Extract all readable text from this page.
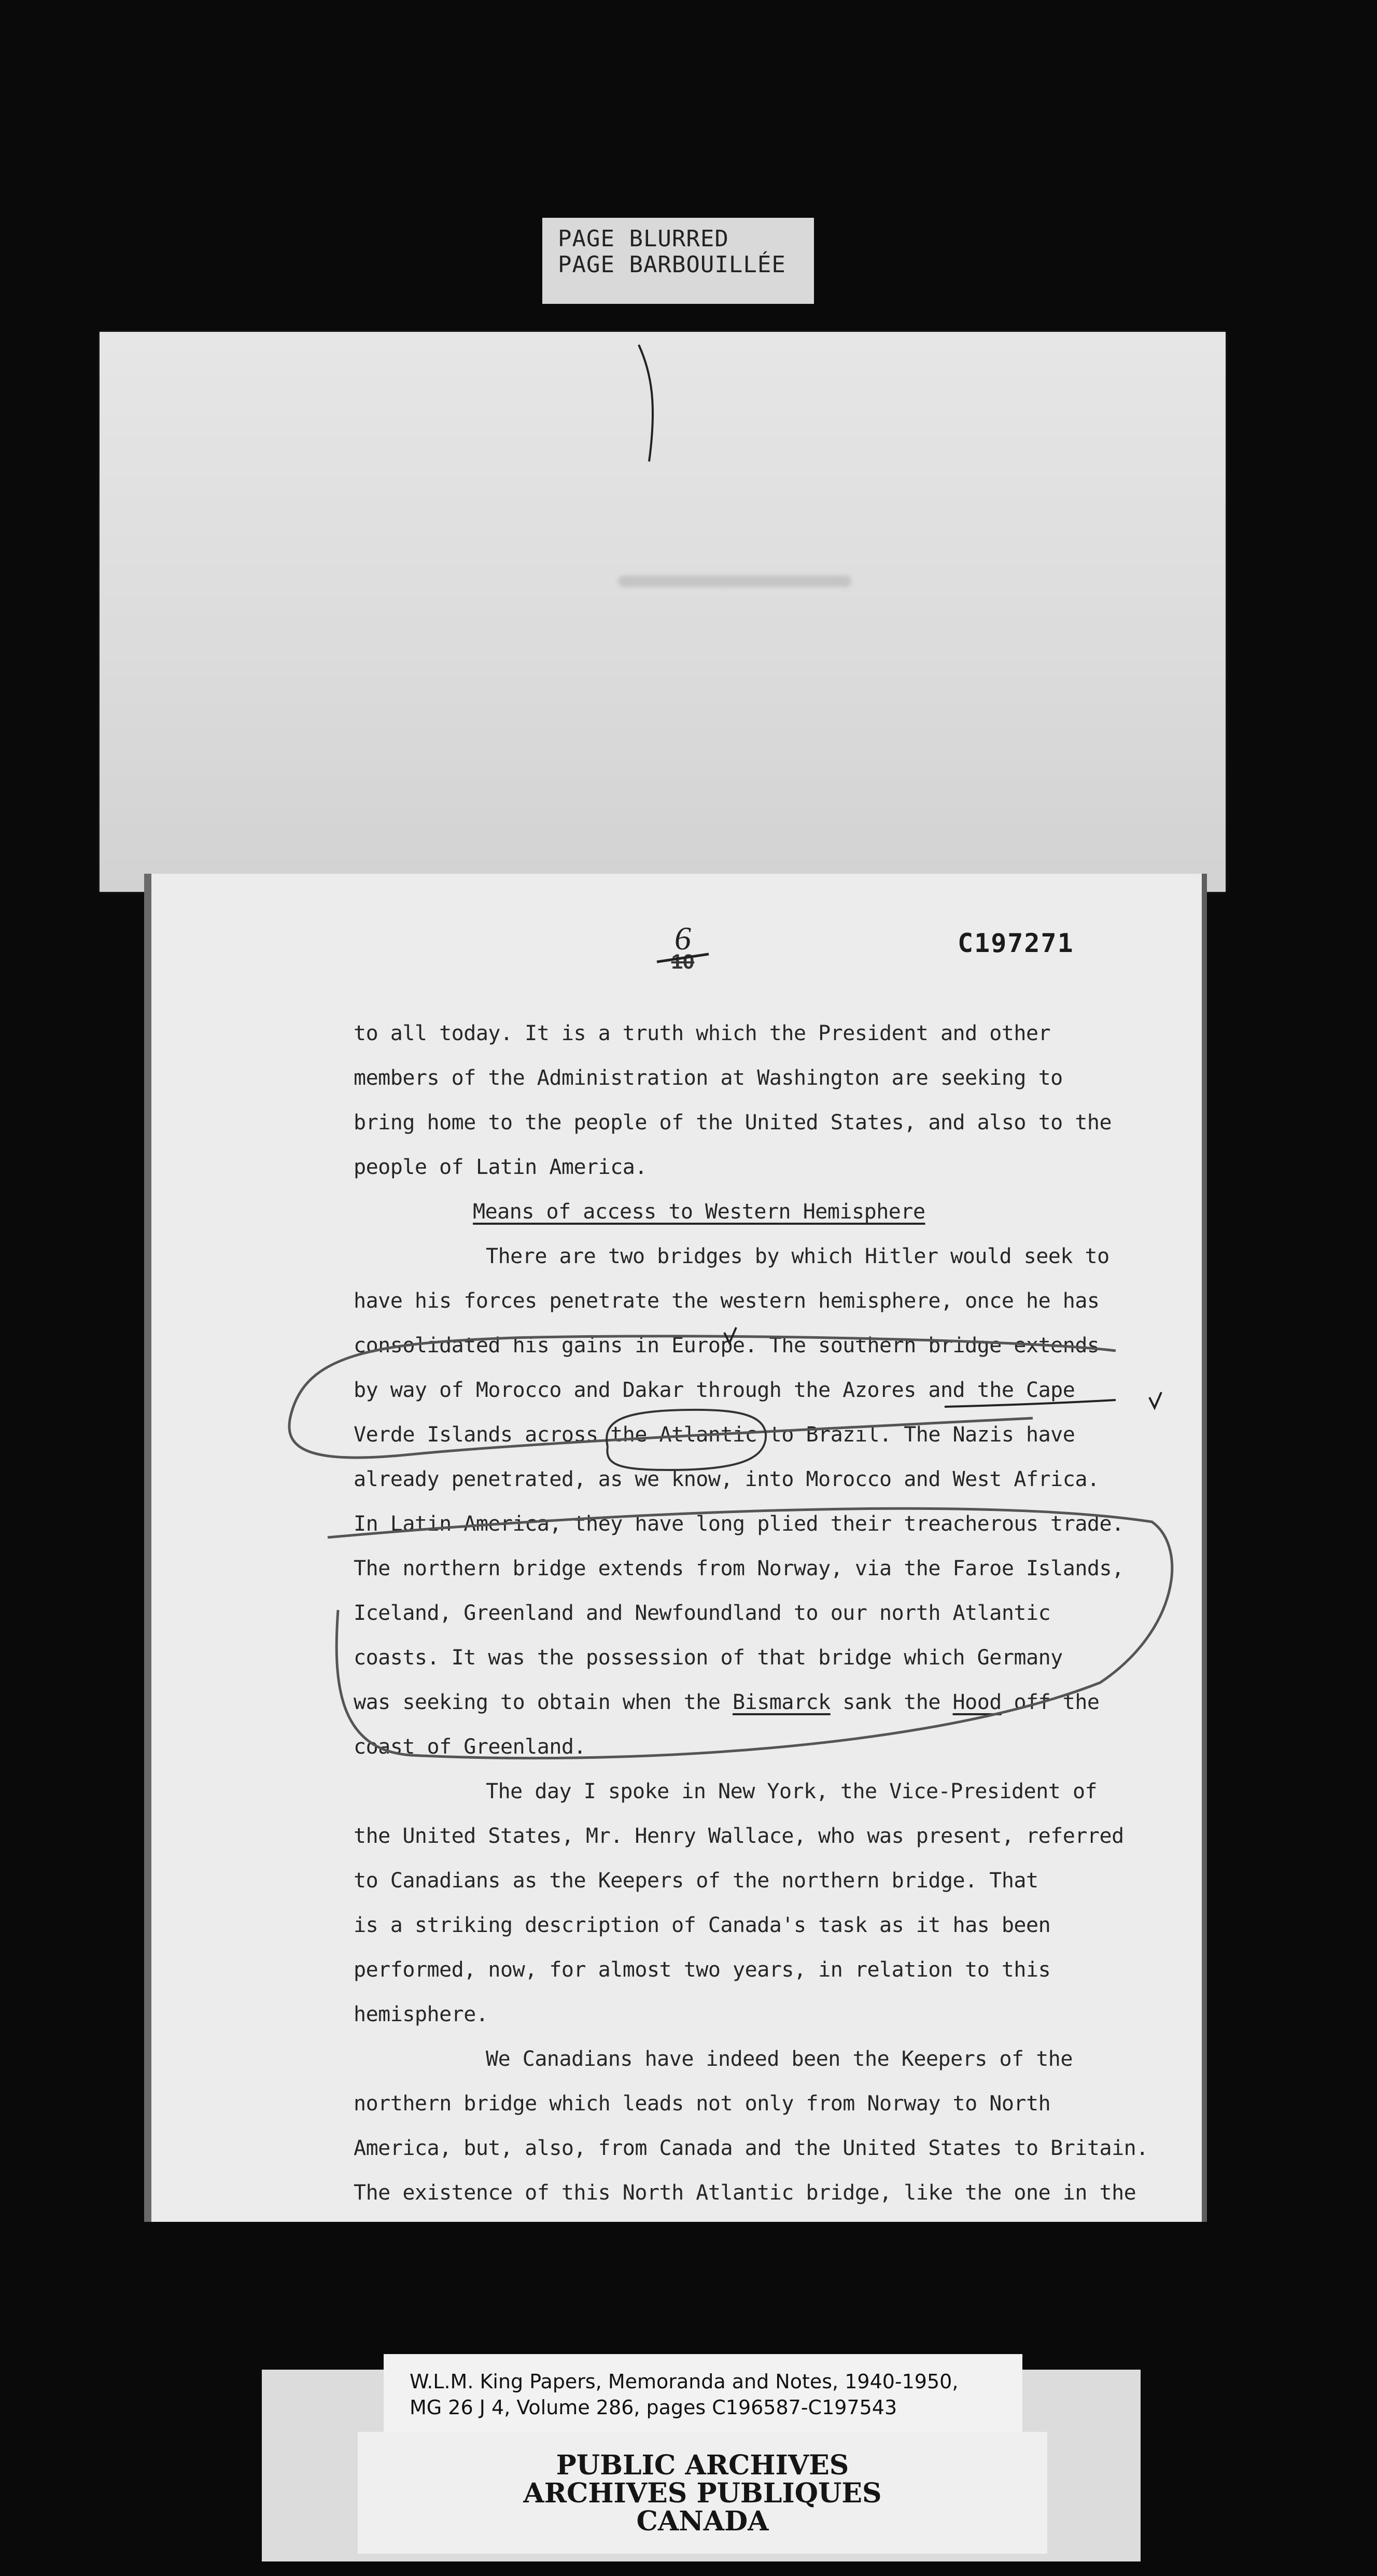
PAGE BLURRED
PAGE BARBOUILLÉE
6
10
C197271
to all today. It is a truth which the President and other
members of the Administration at Washington are seeking to
bring home to the people of the United States, and also to the
people of Latin America.
Means of access to Western Hemisphere
There are two bridges by which Hitler would seek to
have his forces penetrate the western hemisphere, once he has
consolidated his gains in Europe. The southern bridge extends
by way of Morocco and Dakar through the Azores and the Cape
Verde Islands across the Atlantic to Brazil. The Nazis have
already penetrated, as we know, into Morocco and West Africa.
In Latin America, they have long plied their treacherous trade.
The northern bridge extends from Norway, via the Faroe Islands,
Iceland, Greenland and Newfoundland to our north Atlantic
coasts. It was the possession of that bridge which Germany
was seeking to obtain when the Bismarck sank the Hood off the
coast of Greenland.
The day I spoke in New York, the Vice-President of
the United States, Mr. Henry Wallace, who was present, referred
to Canadians as the Keepers of the northern bridge. That
is a striking description of Canada's task as it has been
performed, now, for almost two years, in relation to this
hemisphere.
We Canadians have indeed been the Keepers of the
northern bridge which leads not only from Norway to North
America, but, also, from Canada and the United States to Britain.
The existence of this North Atlantic bridge, like the one in the
W.L.M. King Papers, Memoranda and Notes, 1940-1950,
MG 26 J 4, Volume 286, pages C196587-C197543
PUBLIC ARCHIVES
ARCHIVES PUBLIQUES
CANADA
